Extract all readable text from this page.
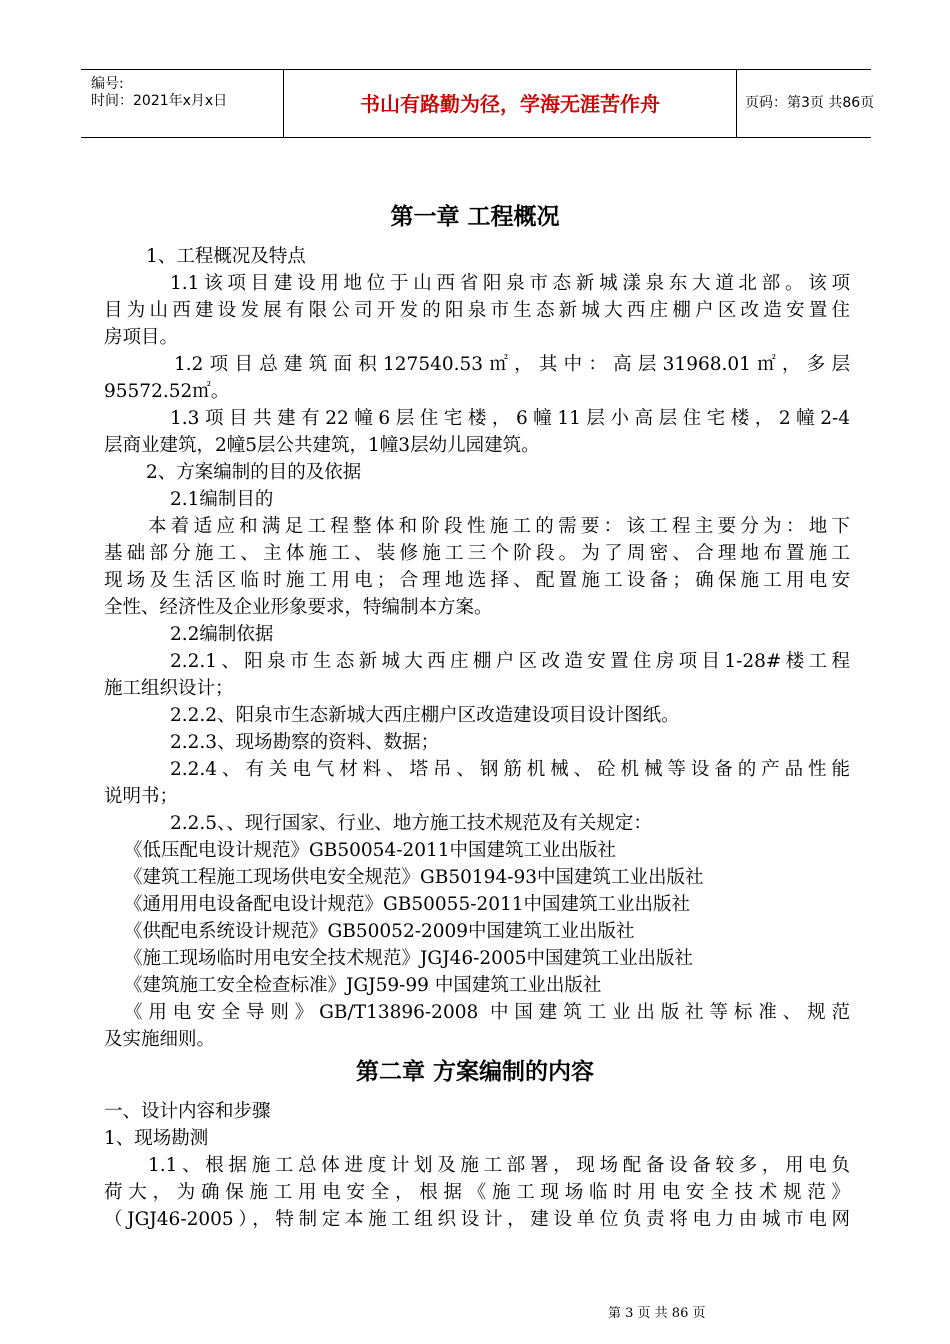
编号:
时间：2021年x月x日	书山有路勤为径，学海无涯苦作舟	页码：第3页 共86页
第一章 工程概况
1、工程概况及特点
1.1该项目建设用地位于山西省阳泉市态新城漾泉东大道北部。该项
目为山西建设发展有限公司开发的阳泉市生态新城大西庄棚户区改造安置住
房项目。
1.2项目总建筑面积127540.53㎡，其中：高层31968.01㎡，多层
95572.52㎡。
1.3项目共建有22幢6层住宅楼，6幢11层小高层住宅楼，2幢2-4
层商业建筑，2幢5层公共建筑，1幢3层幼儿园建筑。
2、方案编制的目的及依据
2.1编制目的
本着适应和满足工程整体和阶段性施工的需要：该工程主要分为：地下
基础部分施工、主体施工、装修施工三个阶段。为了周密、合理地布置施工
现场及生活区临时施工用电；合理地选择、配置施工设备；确保施工用电安
全性、经济性及企业形象要求，特编制本方案。
2.2编制依据
2.2.1、阳泉市生态新城大西庄棚户区改造安置住房项目1-28#楼工程
施工组织设计；
2.2.2、阳泉市生态新城大西庄棚户区改造建设项目设计图纸。
2.2.3、现场勘察的资料、数据；
2.2.4、有关电气材料、塔吊、钢筋机械、砼机械等设备的产品性能
说明书；
2.2.5、、现行国家、行业、地方施工技术规范及有关规定：
《低压配电设计规范》GB50054-2011中国建筑工业出版社
《建筑工程施工现场供电安全规范》GB50194-93中国建筑工业出版社
《通用用电设备配电设计规范》GB50055-2011中国建筑工业出版社
《供配电系统设计规范》GB50052-2009中国建筑工业出版社
《施工现场临时用电安全技术规范》JGJ46-2005中国建筑工业出版社
《建筑施工安全检查标准》JGJ59-99 中国建筑工业出版社
《用电安全导则》GB/T13896-2008 中国建筑工业出版社等标准、规范
及实施细则。
第二章 方案编制的内容
一、设计内容和步骤
1、现场勘测
1.1、根据施工总体进度计划及施工部署，现场配备设备较多，用电负
荷大，为确保施工用电安全，根据《施工现场临时用电安全技术规范》
（JGJ46-2005），特制定本施工组织设计，建设单位负责将电力由城市电网
第 3 页 共 86 页
